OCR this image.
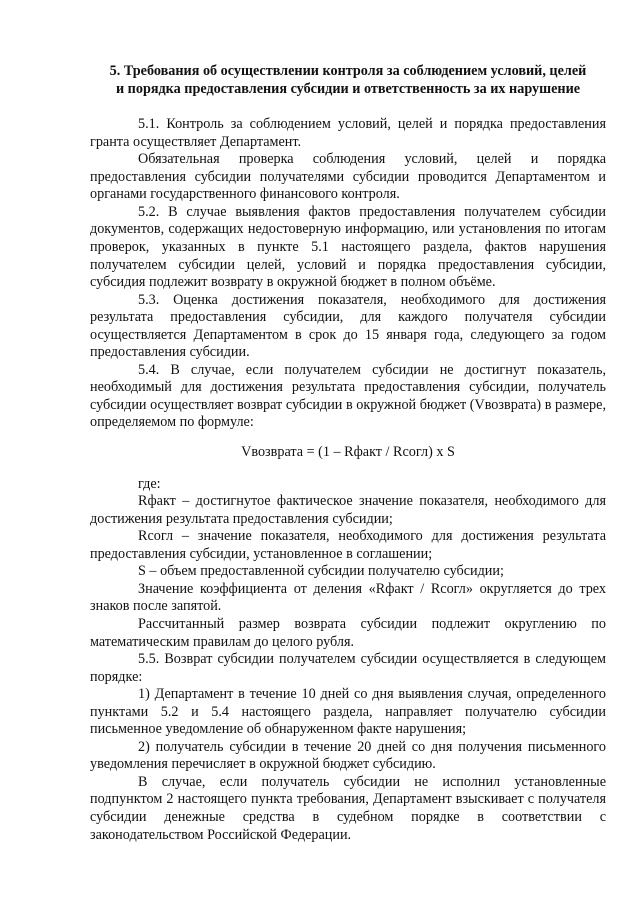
5. Требования об осуществлении контроля за соблюдением условий, целей
и порядка предоставления субсидии и ответственность за их нарушение

5.1. Контроль за соблюдением условий, целей и порядка предоставления гранта осуществляет Департамент.

Обязательная проверка соблюдения условий, целей и порядка предоставления субсидии получателями субсидии проводится Департаментом и органами государственного финансового контроля.

5.2. В случае выявления фактов предоставления получателем субсидии документов, содержащих недостоверную информацию, или установления по итогам проверок, указанных в пункте 5.1 настоящего раздела, фактов нарушения получателем субсидии целей, условий и порядка предоставления субсидии, субсидия подлежит возврату в окружной бюджет в полном объёме.

5.3. Оценка достижения показателя, необходимого для достижения результата предоставления субсидии, для каждого получателя субсидии осуществляется Департаментом в срок до 15 января года, следующего за годом предоставления субсидии.

5.4. В случае, если получателем субсидии не достигнут показатель, необходимый для достижения результата предоставления субсидии, получатель субсидии осуществляет возврат субсидии в окружной бюджет (Vвозврата) в размере, определяемом по формуле:

Vвозврата = (1 – Rфакт / Rсогл) x S

где:

Rфакт – достигнутое фактическое значение показателя, необходимого для достижения результата предоставления субсидии;

Rсогл – значение показателя, необходимого для достижения результата предоставления субсидии, установленное в соглашении;

S – объем предоставленной субсидии получателю субсидии;

Значение коэффициента от деления «Rфакт / Rсогл» округляется до трех знаков после запятой.

Рассчитанный размер возврата субсидии подлежит округлению по математическим правилам до целого рубля.

5.5. Возврат субсидии получателем субсидии осуществляется в следующем порядке:

1) Департамент в течение 10 дней со дня выявления случая, определенного пунктами 5.2 и 5.4 настоящего раздела, направляет получателю субсидии письменное уведомление об обнаруженном факте нарушения;

2) получатель субсидии в течение 20 дней со дня получения письменного уведомления перечисляет в окружной бюджет субсидию.

В случае, если получатель субсидии не исполнил установленные подпунктом 2 настоящего пункта требования, Департамент взыскивает с получателя субсидии денежные средства в судебном порядке в соответствии с законодательством Российской Федерации.
